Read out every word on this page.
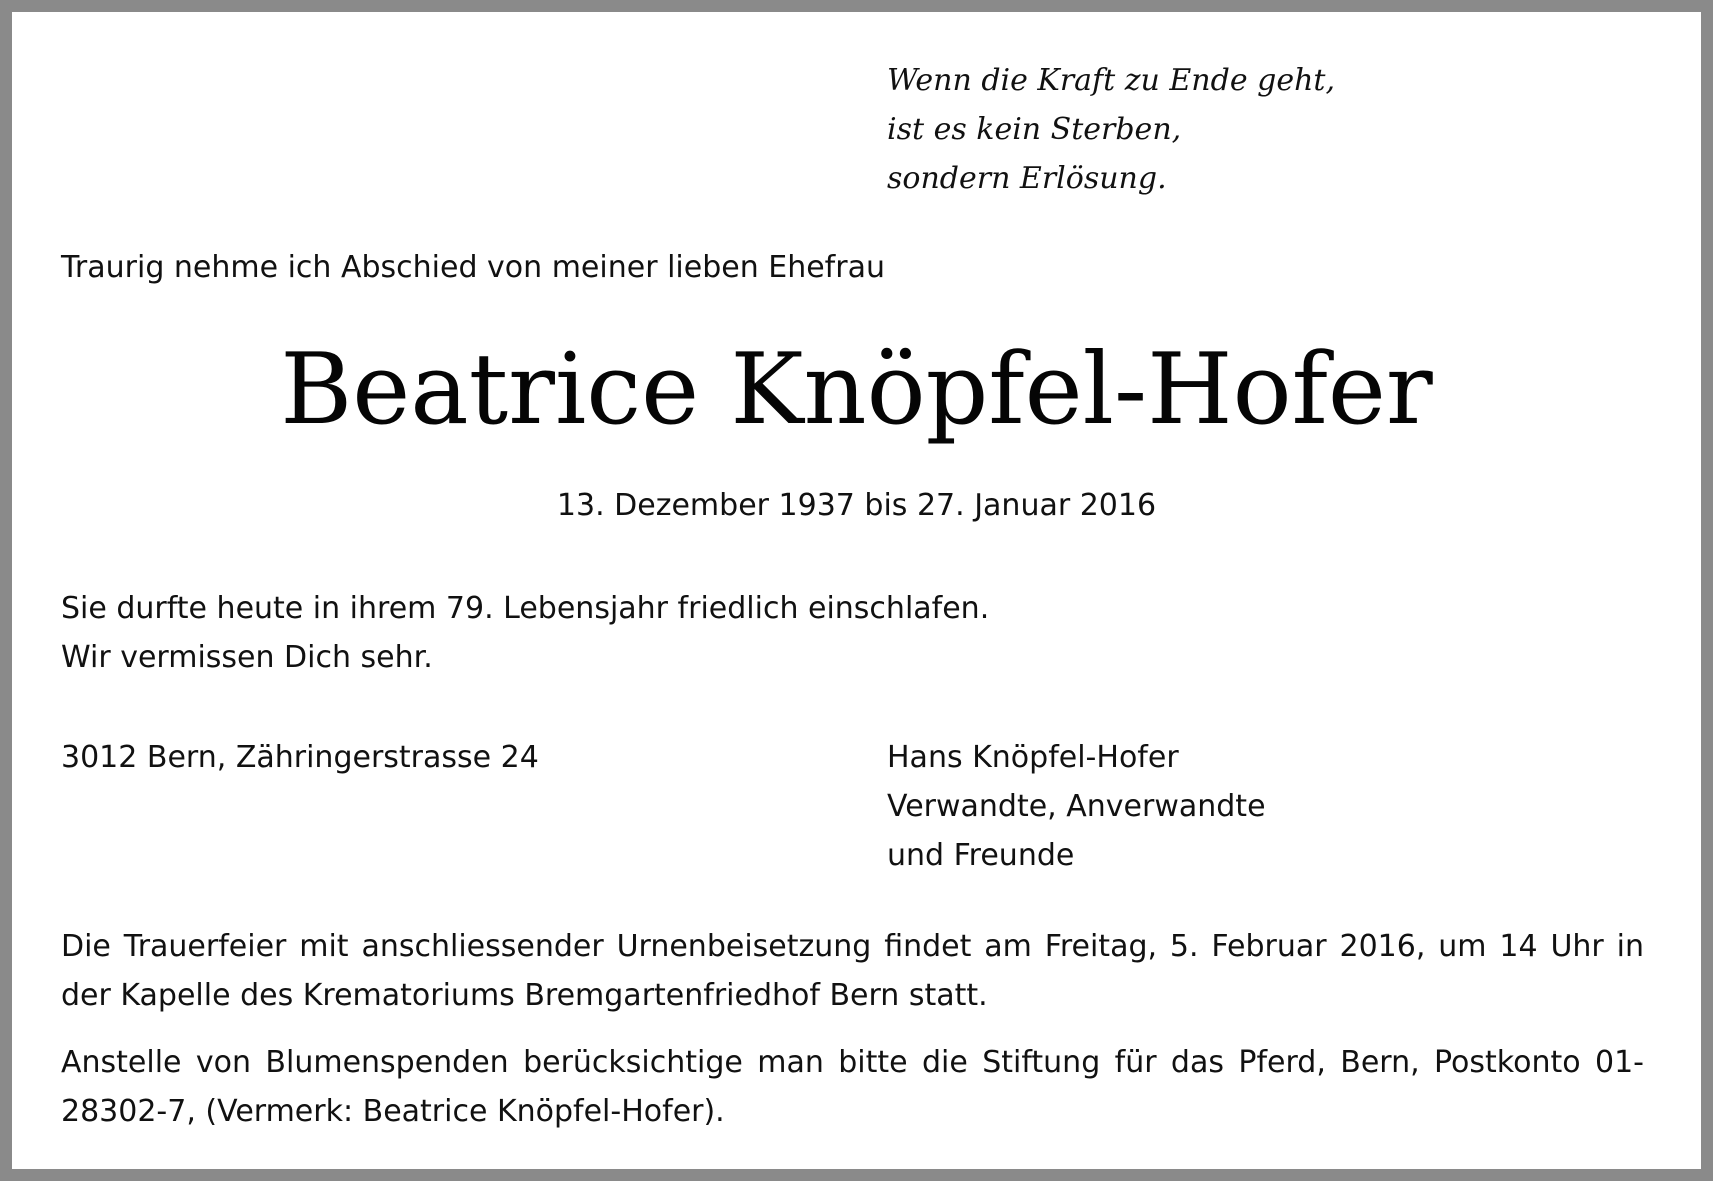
Wenn die Kraft zu Ende geht,
ist es kein Sterben,
sondern Erlösung.
Traurig nehme ich Abschied von meiner lieben Ehefrau
Beatrice Knöpfel-Hofer
13. Dezember 1937 bis 27. Januar 2016
Sie durfte heute in ihrem 79. Lebensjahr friedlich einschlafen.
Wir vermissen Dich sehr.
3012 Bern, Zähringerstrasse 24	Hans Knöpfel-Hofer
Verwandte, Anverwandte
und Freunde
Die Trauerfeier mit anschliessender Urnenbeisetzung findet am Freitag, 5. Februar 2016, um 14 Uhr in der Kapelle des Krematoriums Bremgartenfriedhof Bern statt.
Anstelle von Blumenspenden berücksichtige man bitte die Stiftung für das Pferd, Bern, Postkonto 01-28302-7, (Vermerk: Beatrice Knöpfel-Hofer).
